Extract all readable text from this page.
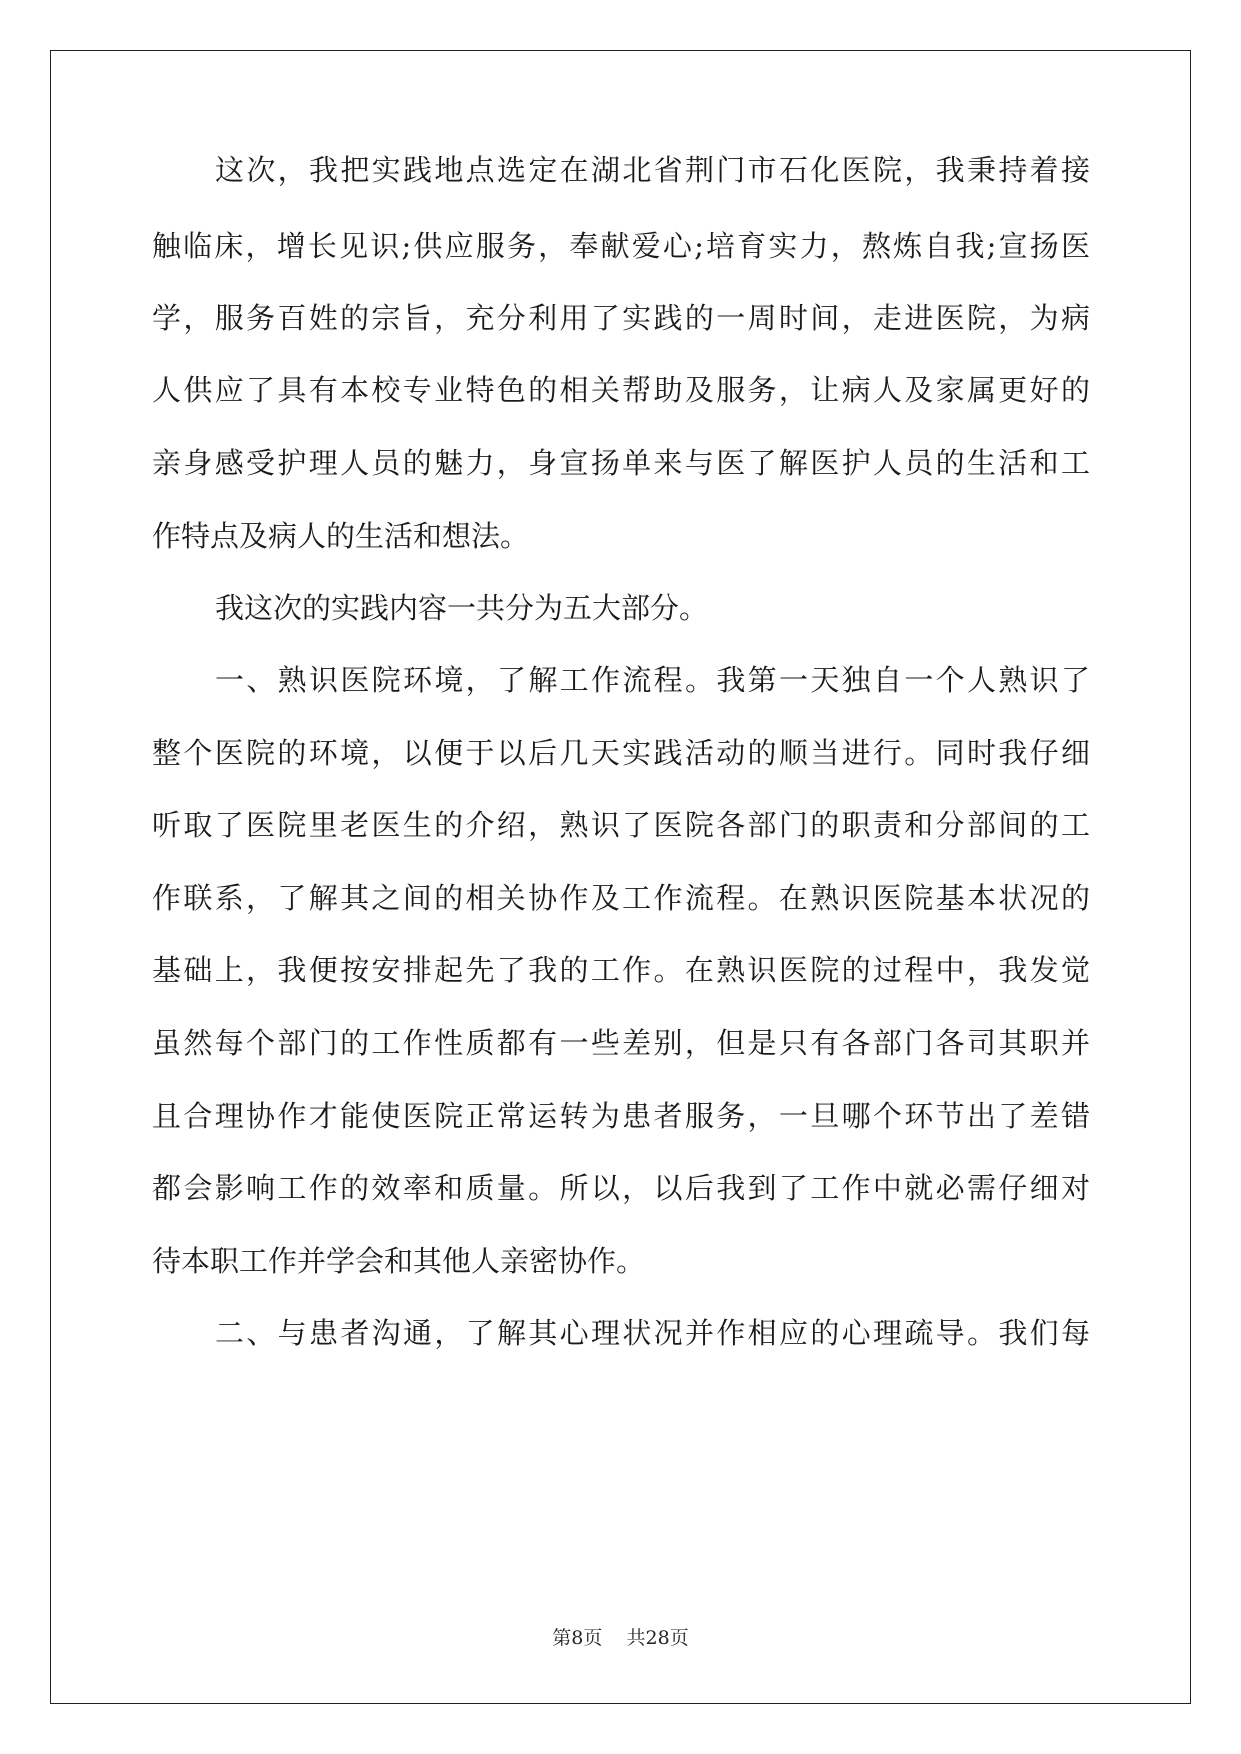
这次，我把实践地点选定在湖北省荆门市石化医院，我秉持着接
触临床，增长见识;供应服务，奉献爱心;培育实力，熬炼自我;宣扬医
学，服务百姓的宗旨，充分利用了实践的一周时间，走进医院，为病
人供应了具有本校专业特色的相关帮助及服务，让病人及家属更好的
亲身感受护理人员的魅力，身宣扬单来与医了解医护人员的生活和工
作特点及病人的生活和想法。
我这次的实践内容一共分为五大部分。
一、熟识医院环境，了解工作流程。我第一天独自一个人熟识了
整个医院的环境，以便于以后几天实践活动的顺当进行。同时我仔细
听取了医院里老医生的介绍，熟识了医院各部门的职责和分部间的工
作联系，了解其之间的相关协作及工作流程。在熟识医院基本状况的
基础上，我便按安排起先了我的工作。在熟识医院的过程中，我发觉
虽然每个部门的工作性质都有一些差别，但是只有各部门各司其职并
且合理协作才能使医院正常运转为患者服务，一旦哪个环节出了差错
都会影响工作的效率和质量。所以，以后我到了工作中就必需仔细对
待本职工作并学会和其他人亲密协作。
二、与患者沟通，了解其心理状况并作相应的心理疏导。我们每
第8页 共28页
